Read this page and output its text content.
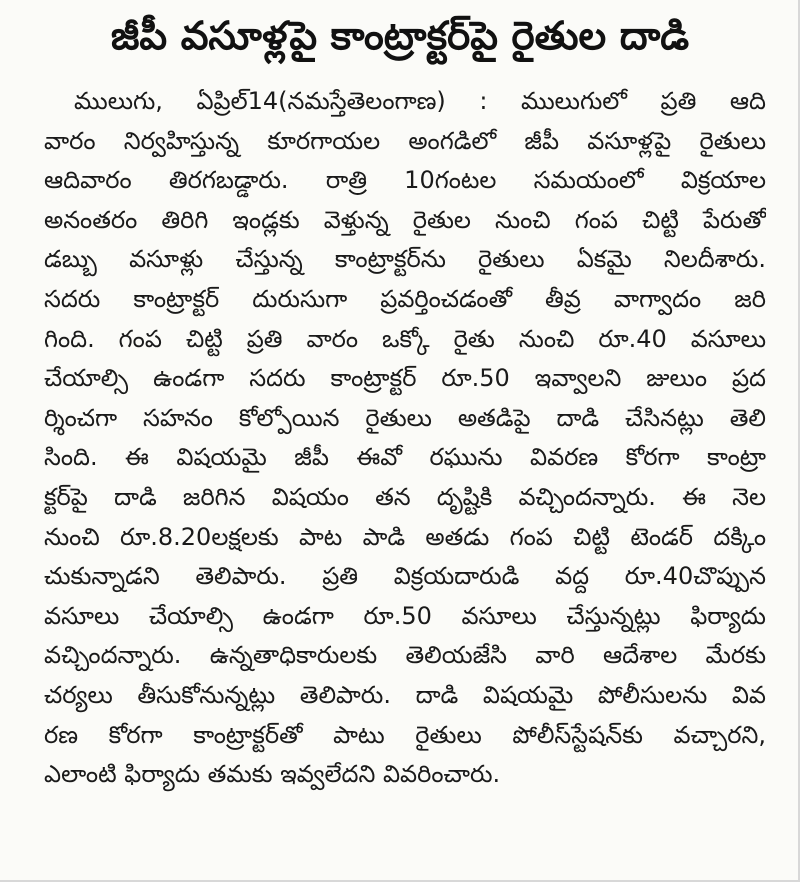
జీపీ వసూళ్లపై కాంట్రాక్టర్‌పై రైతుల దాడి
ములుగు, ఏప్రిల్14(నమస్తేతెలంగాణ) : ములుగులో ప్రతి ఆది
వారం నిర్వహిస్తున్న కూరగాయల అంగడిలో జీపీ వసూళ్లపై రైతులు
ఆదివారం తిరగబడ్డారు. రాత్రి 10గంటల సమయంలో విక్రయాల
అనంతరం తిరిగి ఇండ్లకు వెళ్తున్న రైతుల నుంచి గంప చిట్టి పేరుతో
డబ్బు వసూళ్లు చేస్తున్న కాంట్రాక్టర్‌ను రైతులు ఏకమై నిలదీశారు.
సదరు కాంట్రాక్టర్ దురుసుగా ప్రవర్తించడంతో తీవ్ర వాగ్వాదం జరి
గింది. గంప చిట్టి ప్రతి వారం ఒక్కో రైతు నుంచి రూ.40 వసూలు
చేయాల్సి ఉండగా సదరు కాంట్రాక్టర్ రూ.50 ఇవ్వాలని జులుం ప్రద
ర్శించగా సహనం కోల్పోయిన రైతులు అతడిపై దాడి చేసినట్లు తెలి
సింది. ఈ విషయమై జీపీ ఈవో రఘును వివరణ కోరగా కాంట్రా
క్టర్‌పై దాడి జరిగిన విషయం తన దృష్టికి వచ్చిందన్నారు. ఈ నెల
నుంచి రూ.8.20లక్షలకు పాట పాడి అతడు గంప చిట్టి టెండర్ దక్కిం
చుకున్నాడని తెలిపారు. ప్రతి విక్రయదారుడి వద్ద రూ.40చొప్పున
వసూలు చేయాల్సి ఉండగా రూ.50 వసూలు చేస్తున్నట్లు ఫిర్యాదు
వచ్చిందన్నారు. ఉన్నతాధికారులకు తెలియజేసి వారి ఆదేశాల మేరకు
చర్యలు తీసుకోనున్నట్లు తెలిపారు. దాడి విషయమై పోలీసులను వివ
రణ కోరగా కాంట్రాక్టర్‌తో పాటు రైతులు పోలీస్‌స్టేషన్‌కు వచ్చారని,
ఎలాంటి ఫిర్యాదు తమకు ఇవ్వలేదని వివరించారు.
